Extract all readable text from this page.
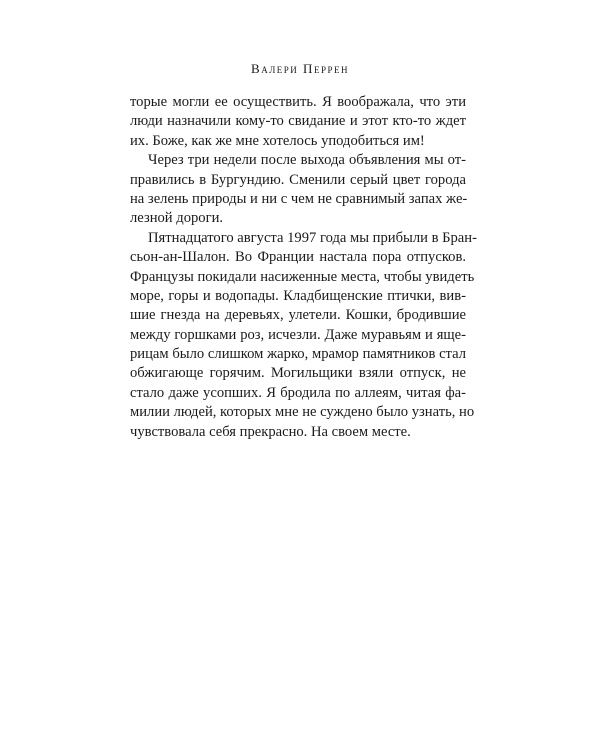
Валери Перрен
торые могли ее осуществить. Я воображала, что эти
люди назначили кому-то свидание и этот кто-то ждет
их. Боже, как же мне хотелось уподобиться им!
Через три недели после выхода объявления мы от-
правились в Бургундию. Сменили серый цвет города
на зелень природы и ни с чем не сравнимый запах же-
лезной дороги.
Пятнадцатого августа 1997 года мы прибыли в Бран-
сьон-ан-Шалон. Во Франции настала пора отпусков.
Французы покидали насиженные места, чтобы увидеть
море, горы и водопады. Кладбищенские птички, вив-
шие гнезда на деревьях, улетели. Кошки, бродившие
между горшками роз, исчезли. Даже муравьям и яще-
рицам было слишком жарко, мрамор памятников стал
обжигающе горячим. Могильщики взяли отпуск, не
стало даже усопших. Я бродила по аллеям, читая фа-
милии людей, которых мне не суждено было узнать, но
чувствовала себя прекрасно. На своем месте.
